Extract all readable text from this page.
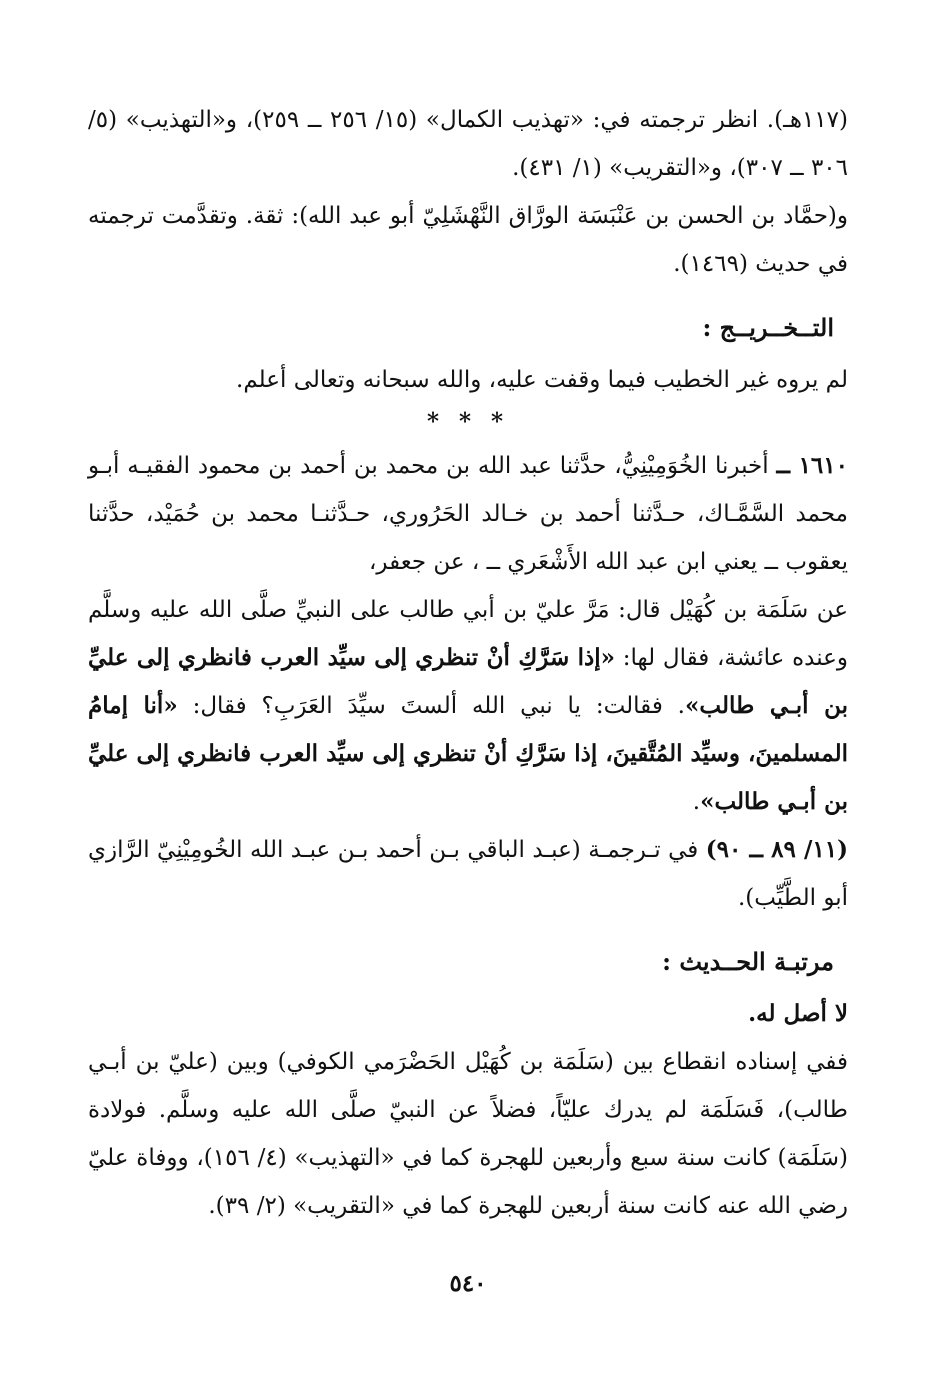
(١١٧هـ). انظر ترجمته في: «تهذيب الكمال» (١٥/ ٢٥٦ ــ ٢٥٩)، و«التهذيب» (٥/ ٣٠٦ ــ ٣٠٧)، و«التقريب» (١/ ٤٣١).

و(حمَّاد بن الحسن بن عَنْبَسَة الورَّاق النَّهْشَلِيّ أبو عبد الله): ثقة. وتقدَّمت ترجمته في حديث (١٤٦٩).

التــخــريــج :

لم يروه غير الخطيب فيما وقفت عليه، والله سبحانه وتعالى أعلم.

* * *

١٦١٠ ــ أخبرنا الخُوَمِيْنِيُّ، حدَّثنا عبد الله بن محمد بن أحمد بن محمود الفقيـه أبـو محمد السَّمَّـاك، حـدَّثنا أحمد بن خـالد الحَرُوري، حـدَّثنـا محمد بن حُمَيْد، حدَّثنا يعقوب ــ يعني ابن عبد الله الأَشْعَري ــ ، عن جعفر،

عن سَلَمَة بن كُهَيْل قال: مَرَّ عليّ بن أبي طالب على النبيِّ صلَّى الله عليه وسلَّم وعنده عائشة، فقال لها: «إذا سَرَّكِ أنْ تنظري إلى سيِّد العرب فانظري إلى عليِّ بن أبـي طالب». فقالت: يا نبي الله ألستَ سيِّدَ العَرَبِ؟ فقال: «أنا إمامُ المسلمينَ، وسيِّد المُتَّقينَ، إذا سَرَّكِ أنْ تنظري إلى سيِّد العرب فانظري إلى عليِّ بن أبـي طالب».

(١١/ ٨٩ ــ ٩٠) في تـرجمـة (عبـد الباقي بـن أحمد بـن عبـد الله الخُومِيْنِيّ الرَّازي أبو الطَّيِّب).

مرتبـة الحــديث :

لا أصل له.

ففي إسناده انقطاع بين (سَلَمَة بن كُهَيْل الحَضْرَمي الكوفي) وبين (عليّ بن أبـي طالب)، فَسَلَمَة لم يدرك عليّاً، فضلاً عن النبيّ صلَّى الله عليه وسلَّم. فولادة (سَلَمَة) كانت سنة سبع وأربعين للهجرة كما في «التهذيب» (٤/ ١٥٦)، ووفاة عليّ رضي الله عنه كانت سنة أربعين للهجرة كما في «التقريب» (٢/ ٣٩).

٥٤٠
